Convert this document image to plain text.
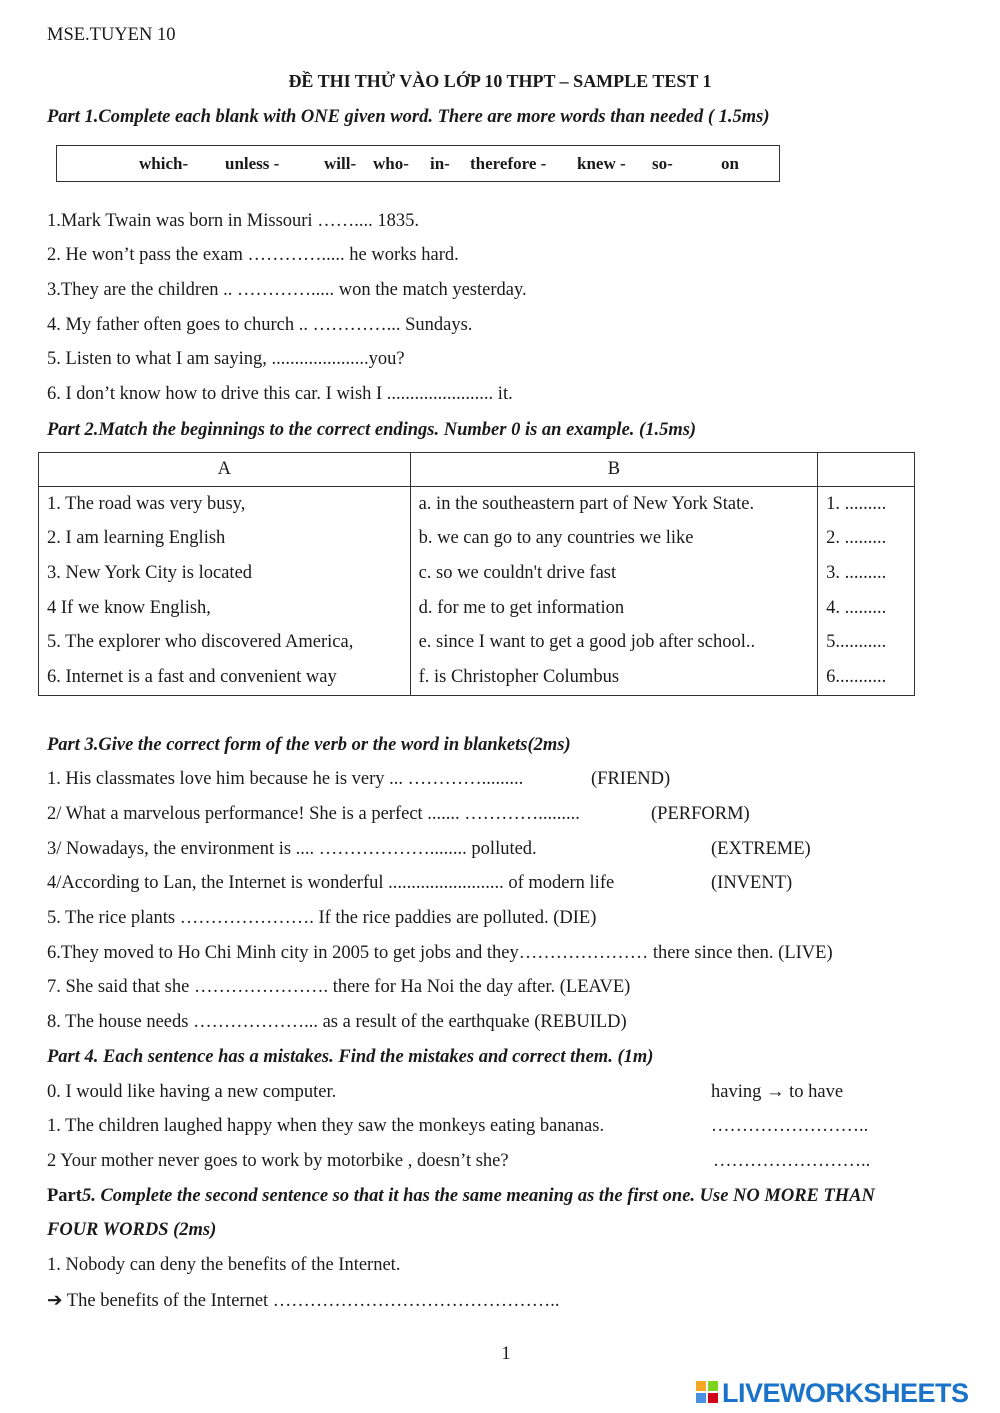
MSE.TUYEN 10
ĐỀ THI THỬ VÀO LỚP 10 THPT – SAMPLE TEST 1
Part 1.Complete each blank with ONE given word. There are more words than needed ( 1.5ms)
which- unless -	will- who- in- therefore - knew - so-	on
1.Mark Twain was born in Missouri …….... 1835.
2. He won’t pass the exam …………..... he works hard.
3.They are the children .. …………..... won the match yesterday.
4. My father often goes to church .. …………... Sundays.
5. Listen to what I am saying, .....................you?
6. I don’t know how to drive this car. I wish I ....................... it.
Part 2.Match the beginnings to the correct endings. Number 0 is an example. (1.5ms)
A	B	
1. The road was very busy,	a. in the southeastern part of New York State.	1. .........
2. I am learning English	b. we can go to any countries we like	2. .........
3. New York City is located	c. so we couldn't drive fast	3. .........
4 If we know English,	d. for me to get information	4. .........
5. The explorer who discovered America,	e. since I want to get a good job after school..	5...........
6. Internet is a fast and convenient way	f. is Christopher Columbus	6...........
Part 3.Give the correct form of the verb or the word in blankets(2ms)
1. His classmates love him because he is very ... ………….........	(FRIEND)
2/ What a marvelous performance! She is a perfect ....... ………….........	(PERFORM)
3/ Nowadays, the environment is .... ………………........ polluted.	(EXTREME)
4/According to Lan, the Internet is wonderful ......................... of modern life	(INVENT)
5. The rice plants …………………. If the rice paddies are polluted. (DIE)
6.They moved to Ho Chi Minh city in 2005 to get jobs and they………………… there since then. (LIVE)
7. She said that she …………………. there for Ha Noi the day after. (LEAVE)
8. The house needs ………………... as a result of the earthquake (REBUILD)
Part 4. Each sentence has a mistakes. Find the mistakes and correct them. (1m)
0. I would like having a new computer.	having → to have
1. The children laughed happy when they saw the monkeys eating bananas.	……………………..
2 Your mother never goes to work by motorbike , doesn’t she?	……………………..
Part5. Complete the second sentence so that it has the same meaning as the first one. Use NO MORE THAN
FOUR WORDS (2ms)
1. Nobody can deny the benefits of the Internet.
➔ The benefits of the Internet ………………………………………..
1
LIVEWORKSHEETS
